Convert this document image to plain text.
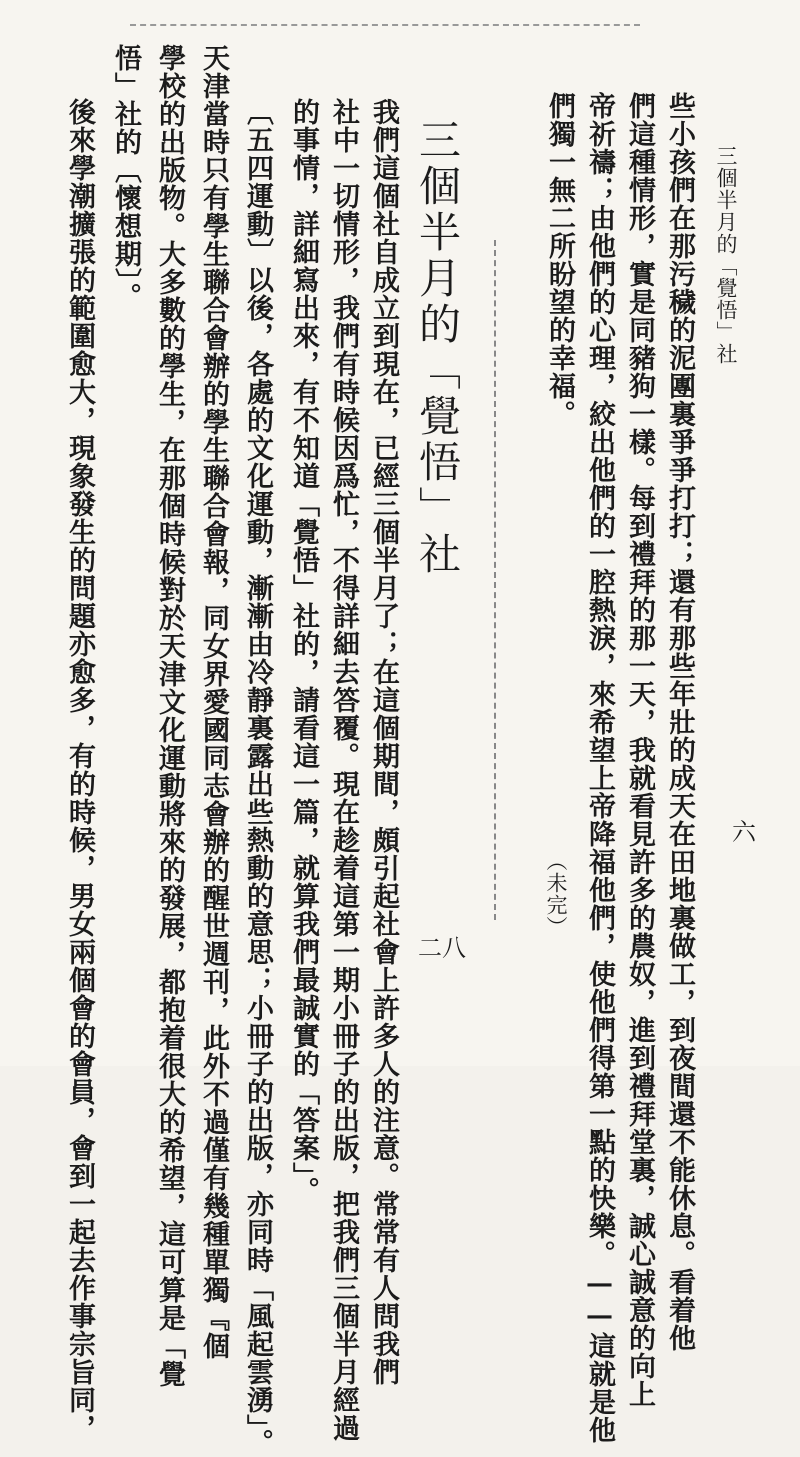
三個半月的「覺悟」社
六
些小孩們在那污穢的泥團裏爭爭打打；還有那些年壯的成天在田地裏做工，到夜間還不能休息。看着他
們這種情形，實是同豬狗一樣。每到禮拜的那一天，我就看見許多的農奴，進到禮拜堂裏，誠心誠意的向上
帝祈禱；由他們的心理，絞出他們的一腔熱淚，來希望上帝降福他們，使他們得第一點的快樂。——這就是他
們獨一無二所盼望的幸福。
（未完）
三個半月的「覺悟」社
二八
我們這個社自成立到現在，已經三個半月了；在這個期間，頗引起社會上許多人的注意。常常有人問我們
社中一切情形，我們有時候因爲忙，不得詳細去答覆。現在趁着這第一期小冊子的出版，把我們三個半月經過
的事情，詳細寫出來，有不知道「覺悟」社的，請看這一篇，就算我們最誠實的「答案」。
〔五四運動〕以後，各處的文化運動，漸漸由冷靜裏露出些熱動的意思；小冊子的出版，亦同時「風起雲湧」。
天津當時只有學生聯合會辦的學生聯合會報，同女界愛國同志會辦的醒世週刊，此外不過僅有幾種單獨『個
學校的出版物。大多數的學生，在那個時候對於天津文化運動將來的發展，都抱着很大的希望，這可算是「覺
悟」社的〔懷想期〕。
後來學潮擴張的範圍愈大，現象發生的問題亦愈多，有的時候，男女兩個會的會員，會到一起去作事宗旨同，
